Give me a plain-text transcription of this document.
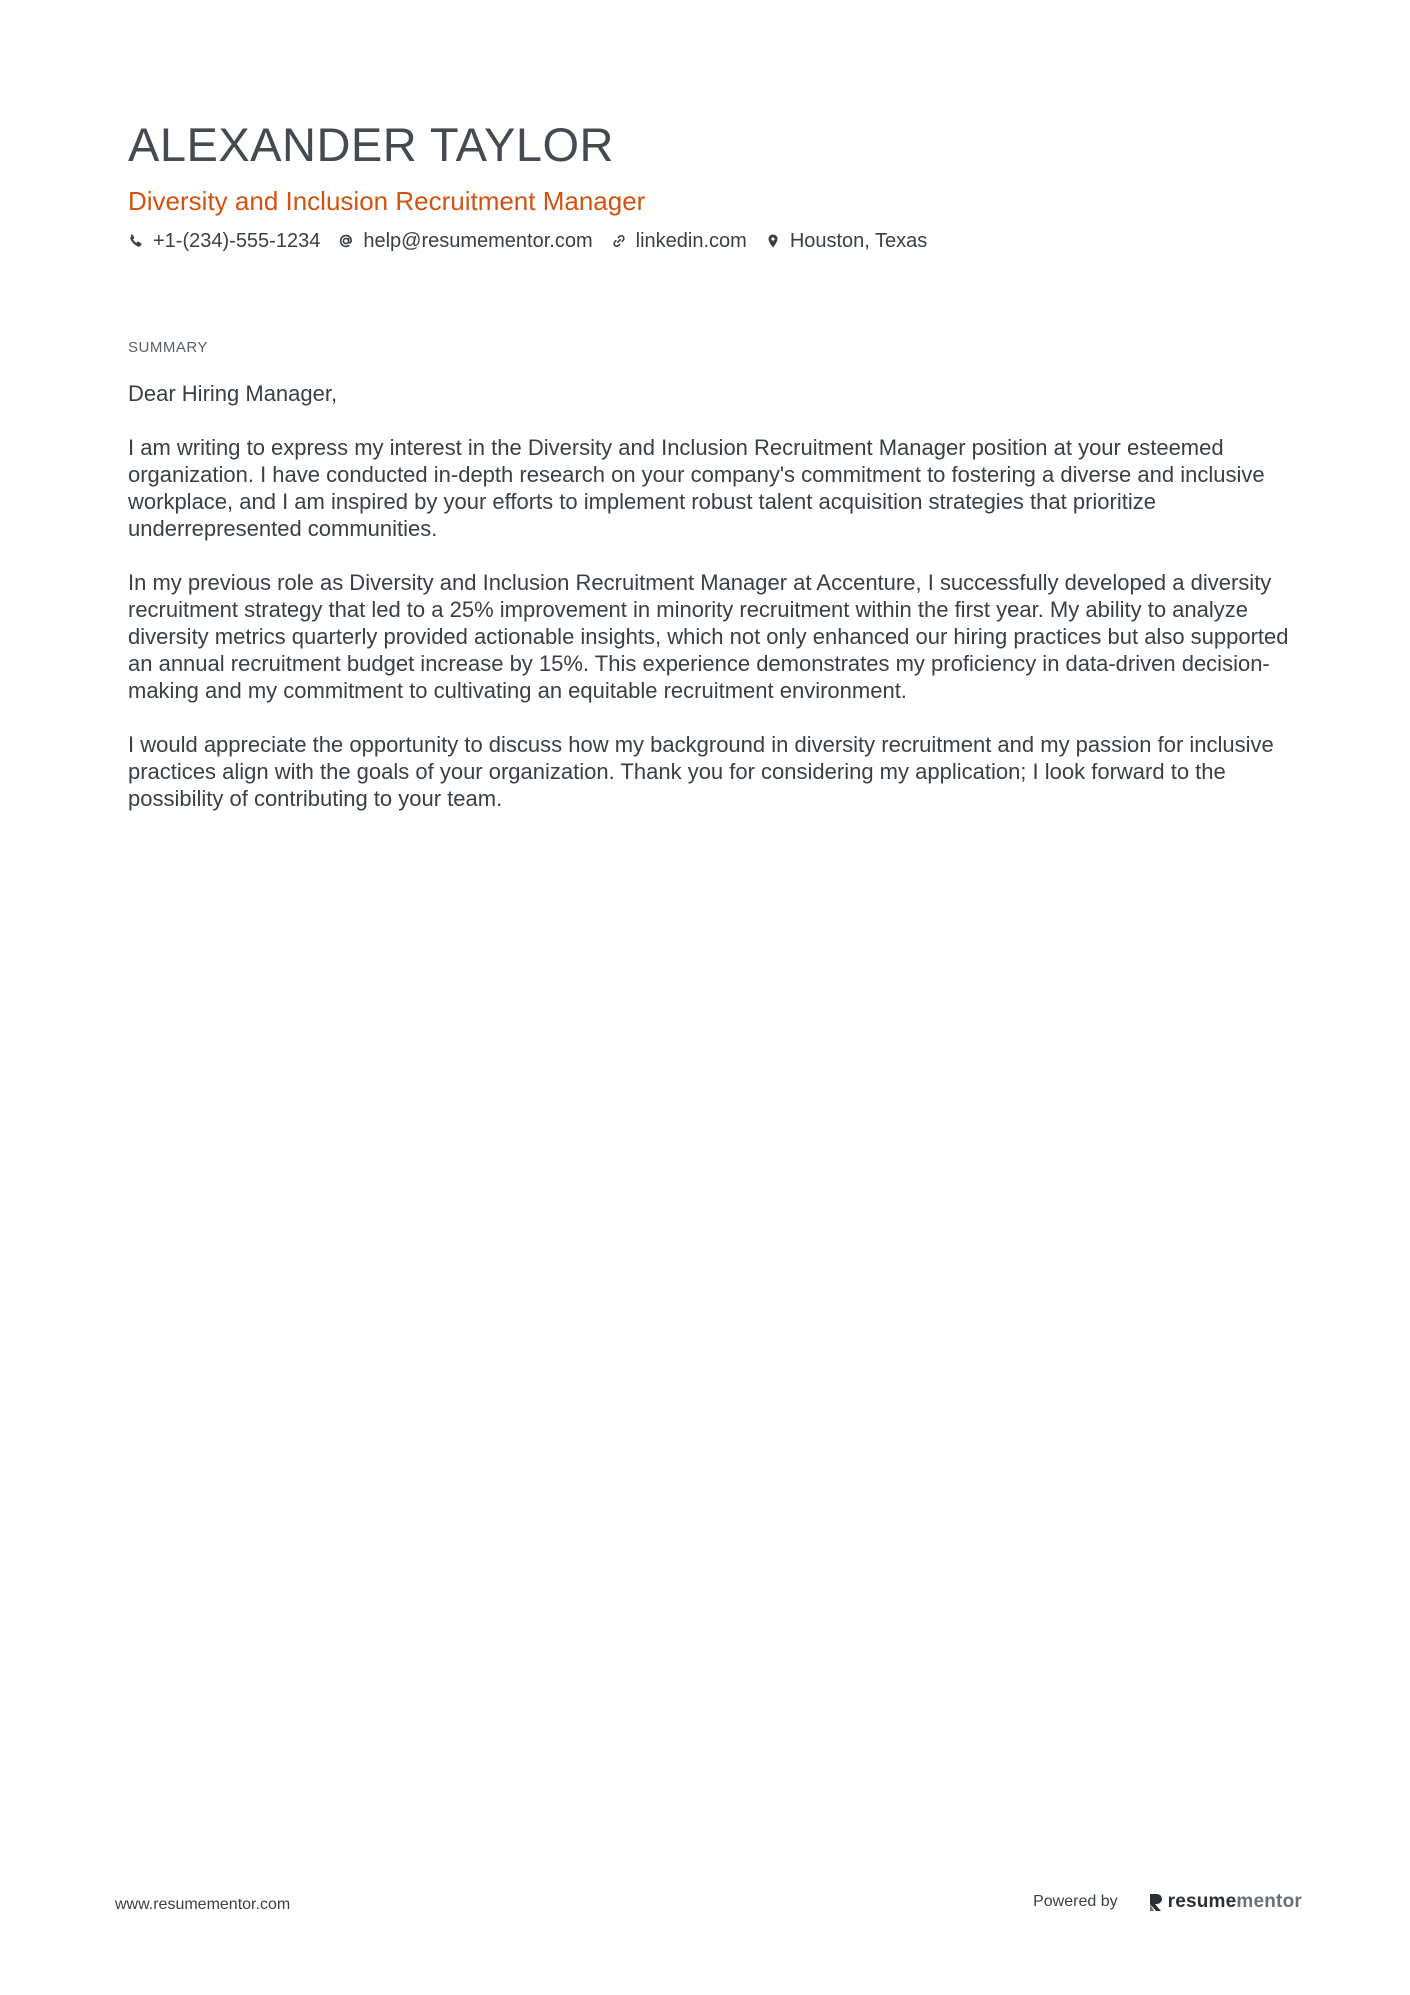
ALEXANDER TAYLOR
Diversity and Inclusion Recruitment Manager
+1-(234)-555-1234 help@resumementor.com linkedin.com Houston, Texas
SUMMARY

Dear Hiring Manager,

I am writing to express my interest in the Diversity and Inclusion Recruitment Manager position at your esteemed organization. I have conducted in-depth research on your company's commitment to fostering a diverse and inclusive workplace, and I am inspired by your efforts to implement robust talent acquisition strategies that prioritize underrepresented communities.

In my previous role as Diversity and Inclusion Recruitment Manager at Accenture, I successfully developed a diversity recruitment strategy that led to a 25% improvement in minority recruitment within the first year. My ability to analyze diversity metrics quarterly provided actionable insights, which not only enhanced our hiring practices but also supported an annual recruitment budget increase by 15%. This experience demonstrates my proficiency in data-driven decision-making and my commitment to cultivating an equitable recruitment environment.

I would appreciate the opportunity to discuss how my background in diversity recruitment and my passion for inclusive practices align with the goals of your organization. Thank you for considering my application; I look forward to the possibility of contributing to your team.

www.resumementor.com	Powered by	resume mentor
